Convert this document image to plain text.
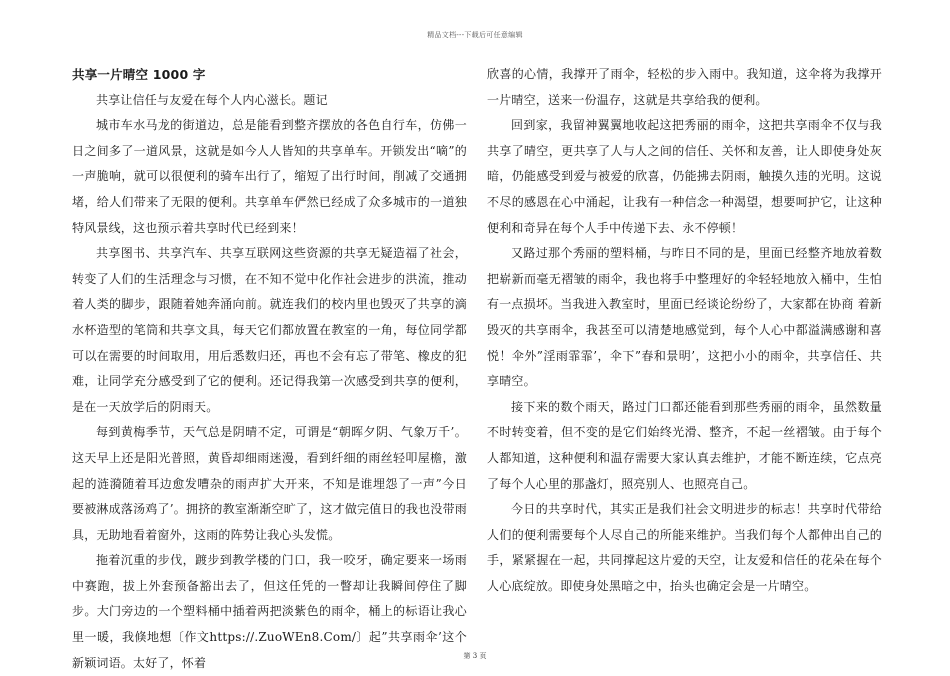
精品文档---下载后可任意编辑
共享一片晴空 1000 字

共享让信任与友爱在每个人内心滋长。题记

城市车水马龙的街道边，总是能看到整齐摆放的各色自行车，仿佛一日之间多了一道风景，这就是如今人人皆知的共享单车。开锁发出“嘀”的一声脆响，就可以很便利的骑车出行了，缩短了出行时间，削减了交通拥堵，给人们带来了无限的便利。共享单车俨然已经成了众多城市的一道独特风景线，这也预示着共享时代已经到来！

共享图书、共享汽车、共享互联网这些资源的共享无疑造福了社会，转变了人们的生活理念与习惯，在不知不觉中化作社会进步的洪流，推动着人类的脚步，跟随着她奔涌向前。就连我们的校内里也毁灭了共享的滴水杯造型的笔筒和共享文具，每天它们都放置在教室的一角，每位同学都可以在需要的时间取用，用后悉数归还，再也不会有忘了带笔、橡皮的犯难，让同学充分感受到了它的便利。还记得我第一次感受到共享的便利，是在一天放学后的阴雨天。

每到黄梅季节，天气总是阴晴不定，可谓是“朝晖夕阴、气象万千’。这天早上还是阳光普照，黄昏却细雨迷漫，看到纤细的雨丝轻叩屋檐，激起的涟漪随着耳边愈发嘈杂的雨声扩大开来，不知是谁埋怨了一声”今日要被淋成落汤鸡了’。拥挤的教室渐渐空旷了，这才做完值日的我也没带雨具，无助地看着窗外，这雨的阵势让我心头发慌。

拖着沉重的步伐，踱步到教学楼的门口，我一咬牙，确定要来一场雨中赛跑，拔上外套预备豁出去了，但这任凭的一瞥却让我瞬间停住了脚步。大门旁边的一个塑料桶中插着两把淡紫色的雨伞，桶上的标语让我心里一暖，我倏地想〔作文https://.ZuoWEn8.Com/〕起”共享雨伞’这个新颖词语。太好了，怀着

欣喜的心情，我撑开了雨伞，轻松的步入雨中。我知道，这伞将为我撑开一片晴空，送来一份温存，这就是共享给我的便利。

回到家，我留神翼翼地收起这把秀丽的雨伞，这把共享雨伞不仅与我共享了晴空，更共享了人与人之间的信任、关怀和友善，让人即使身处灰暗，仍能感受到爱与被爱的欣喜，仍能拂去阴雨，触摸久违的光明。这说不尽的感恩在心中涌起，让我有一种信念一种渴望，想要呵护它，让这种便利和奇异在每个人手中传递下去、永不停顿！

又路过那个秀丽的塑料桶，与昨日不同的是，里面已经整齐地放着数把崭新而毫无褶皱的雨伞，我也将手中整理好的伞轻轻地放入桶中，生怕有一点损坏。当我进入教室时，里面已经谈论纷纷了，大家都在协商 着新毁灭的共享雨伞，我甚至可以清楚地感觉到，每个人心中都溢满感谢和喜悦！伞外”淫雨霏霏’，伞下”春和景明’，这把小小的雨伞，共享信任、共享晴空。

接下来的数个雨天，路过门口都还能看到那些秀丽的雨伞，虽然数量不时转变着，但不变的是它们始终光滑、整齐，不起一丝褶皱。由于每个人都知道，这种便利和温存需要大家认真去维护，才能不断连续，它点亮了每个人心里的那盏灯，照亮别人、也照亮自己。

今日的共享时代，其实正是我们社会文明进步的标志！共享时代带给人们的便利需要每个人尽自己的所能来维护。当我们每个人都伸出自己的手，紧紧握在一起，共同撑起这片爱的天空，让友爱和信任的花朵在每个人心底绽放。即使身处黑暗之中，抬头也确定会是一片晴空。

第 3 页
